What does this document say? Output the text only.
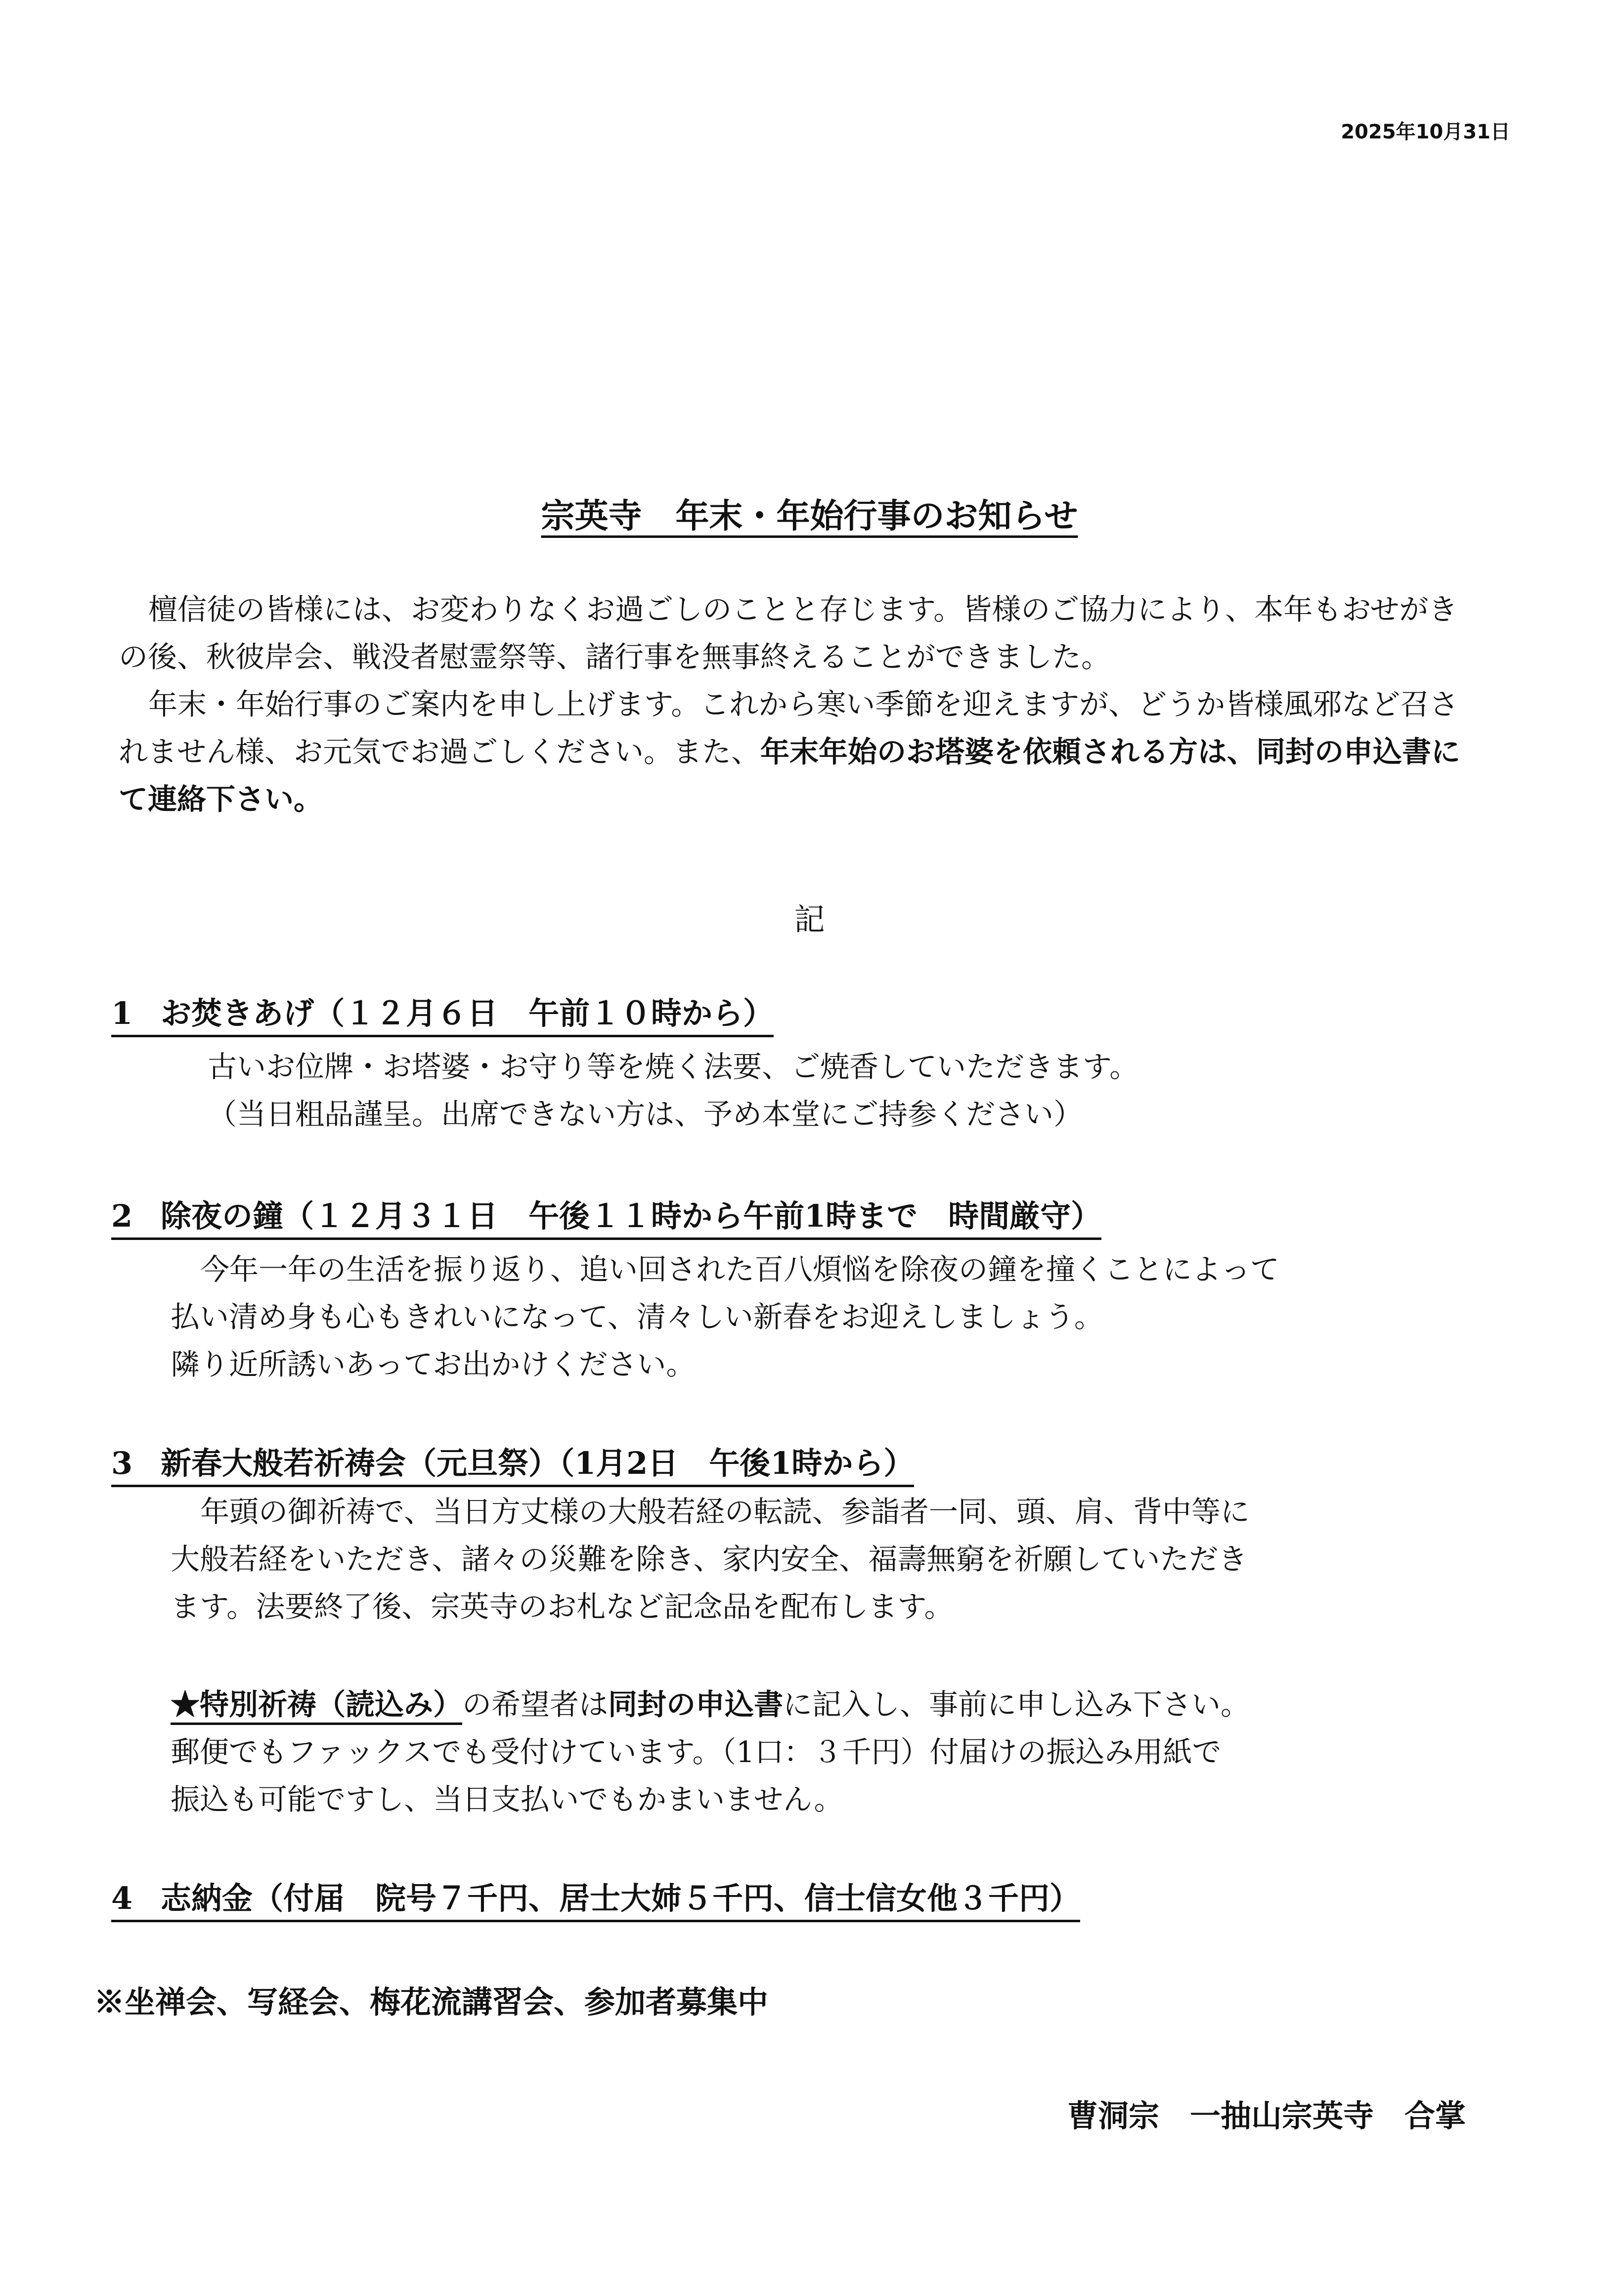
2025年10月31日
宗英寺　年末・年始行事のお知らせ

檀信徒の皆様には、お変わりなくお過ごしのことと存じます。皆様のご協力により、本年もおせがきの後、秋彼岸会、戦没者慰霊祭等、諸行事を無事終えることができました。

年末・年始行事のご案内を申し上げます。これから寒い季節を迎えますが、どうか皆様風邪など召されません様、お元気でお過ごしください。また、年末年始のお塔婆を依頼される方は、同封の申込書にて連絡下さい。

記
1 お焚きあげ（１２月６日　午前１０時から）

古いお位牌・お塔婆・お守り等を焼く法要、ご焼香していただきます。

（当日粗品謹呈。出席できない方は、予め本堂にご持参ください）

2 除夜の鐘（１２月３１日　午後１１時から午前1時まで　時間厳守）

今年一年の生活を振り返り、追い回された百八煩悩を除夜の鐘を撞くことによって

払い清め身も心もきれいになって、清々しい新春をお迎えしましょう。

隣り近所誘いあってお出かけください。

3 新春大般若祈祷会（元旦祭）（1月2日　午後1時から）

年頭の御祈祷で、当日方丈様の大般若経の転読、参詣者一同、頭、肩、背中等に

大般若経をいただき、諸々の災難を除き、家内安全、福壽無窮を祈願していただき

ます。法要終了後、宗英寺のお札など記念品を配布します。

★特別祈祷（読込み）の希望者は同封の申込書に記入し、事前に申し込み下さい。

郵便でもファックスでも受付けています。（1口：３千円）付届けの振込み用紙で

振込も可能ですし、当日支払いでもかまいません。

4 志納金（付届　院号７千円、居士大姉５千円、信士信女他３千円）
※坐禅会、写経会、梅花流講習会、参加者募集中
曹洞宗　一抽山宗英寺　合掌
